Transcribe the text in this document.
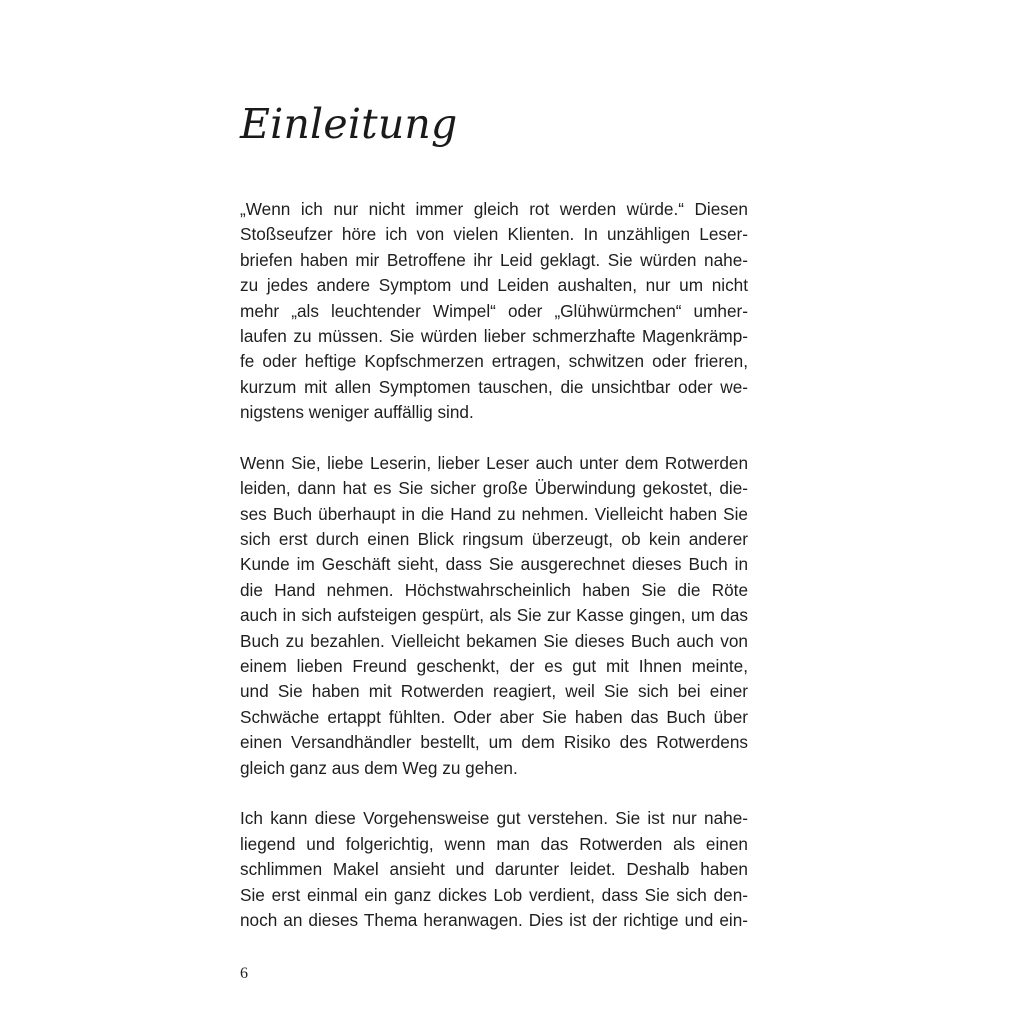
Einleitung

„Wenn ich nur nicht immer gleich rot werden würde.“ Diesen
Stoßseufzer höre ich von vielen Klienten. In unzähligen Leser-
briefen haben mir Betroffene ihr Leid geklagt. Sie würden nahe-
zu jedes andere Symptom und Leiden aushalten, nur um nicht
mehr „als leuchtender Wimpel“ oder „Glühwürmchen“ umher-
laufen zu müssen. Sie würden lieber schmerzhafte Magenkrämp-
fe oder heftige Kopfschmerzen ertragen, schwitzen oder frieren,
kurzum mit allen Symptomen tauschen, die unsichtbar oder we-
nigstens weniger auffällig sind.

Wenn Sie, liebe Leserin, lieber Leser auch unter dem Rotwerden
leiden, dann hat es Sie sicher große Überwindung gekostet, die-
ses Buch überhaupt in die Hand zu nehmen. Vielleicht haben Sie
sich erst durch einen Blick ringsum überzeugt, ob kein anderer
Kunde im Geschäft sieht, dass Sie ausgerechnet dieses Buch in
die Hand nehmen. Höchstwahrscheinlich haben Sie die Röte
auch in sich aufsteigen gespürt, als Sie zur Kasse gingen, um das
Buch zu bezahlen. Vielleicht bekamen Sie dieses Buch auch von
einem lieben Freund geschenkt, der es gut mit Ihnen meinte,
und Sie haben mit Rotwerden reagiert, weil Sie sich bei einer
Schwäche ertappt fühlten. Oder aber Sie haben das Buch über
einen Versandhändler bestellt, um dem Risiko des Rotwerdens
gleich ganz aus dem Weg zu gehen.

Ich kann diese Vorgehensweise gut verstehen. Sie ist nur nahe-
liegend und folgerichtig, wenn man das Rotwerden als einen
schlimmen Makel ansieht und darunter leidet. Deshalb haben
Sie erst einmal ein ganz dickes Lob verdient, dass Sie sich den-
noch an dieses Thema heranwagen. Dies ist der richtige und ein-

6
